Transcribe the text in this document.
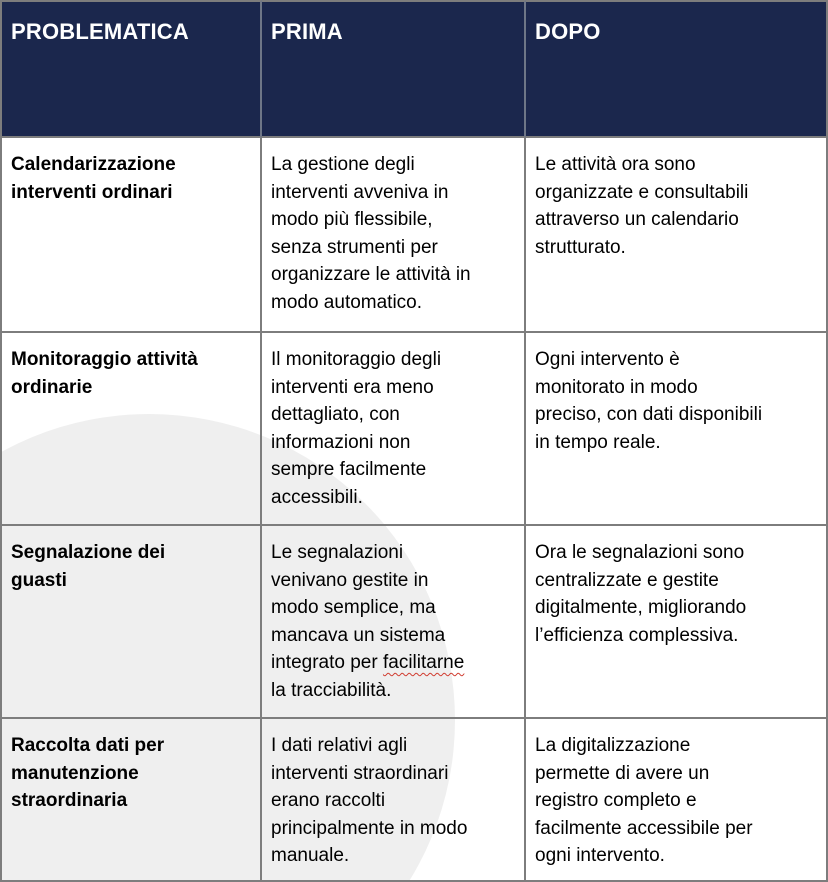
PROBLEMATICA	PRIMA	DOPO
Calendarizzazione
interventi ordinari
La gestione degli
interventi avveniva in
modo più flessibile,
senza strumenti per
organizzare le attività in
modo automatico.
Le attività ora sono
organizzate e consultabili
attraverso un calendario
strutturato.
Monitoraggio attività
ordinarie
Il monitoraggio degli
interventi era meno
dettagliato, con
informazioni non
sempre facilmente
accessibili.
Ogni intervento è
monitorato in modo
preciso, con dati disponibili
in tempo reale.
Segnalazione dei
guasti
Le segnalazioni
venivano gestite in
modo semplice, ma
mancava un sistema
integrato per facilitarne
la tracciabilità.
Ora le segnalazioni sono
centralizzate e gestite
digitalmente, migliorando
l’efficienza complessiva.
Raccolta dati per
manutenzione
straordinaria
I dati relativi agli
interventi straordinari
erano raccolti
principalmente in modo
manuale.
La digitalizzazione
permette di avere un
registro completo e
facilmente accessibile per
ogni intervento.
